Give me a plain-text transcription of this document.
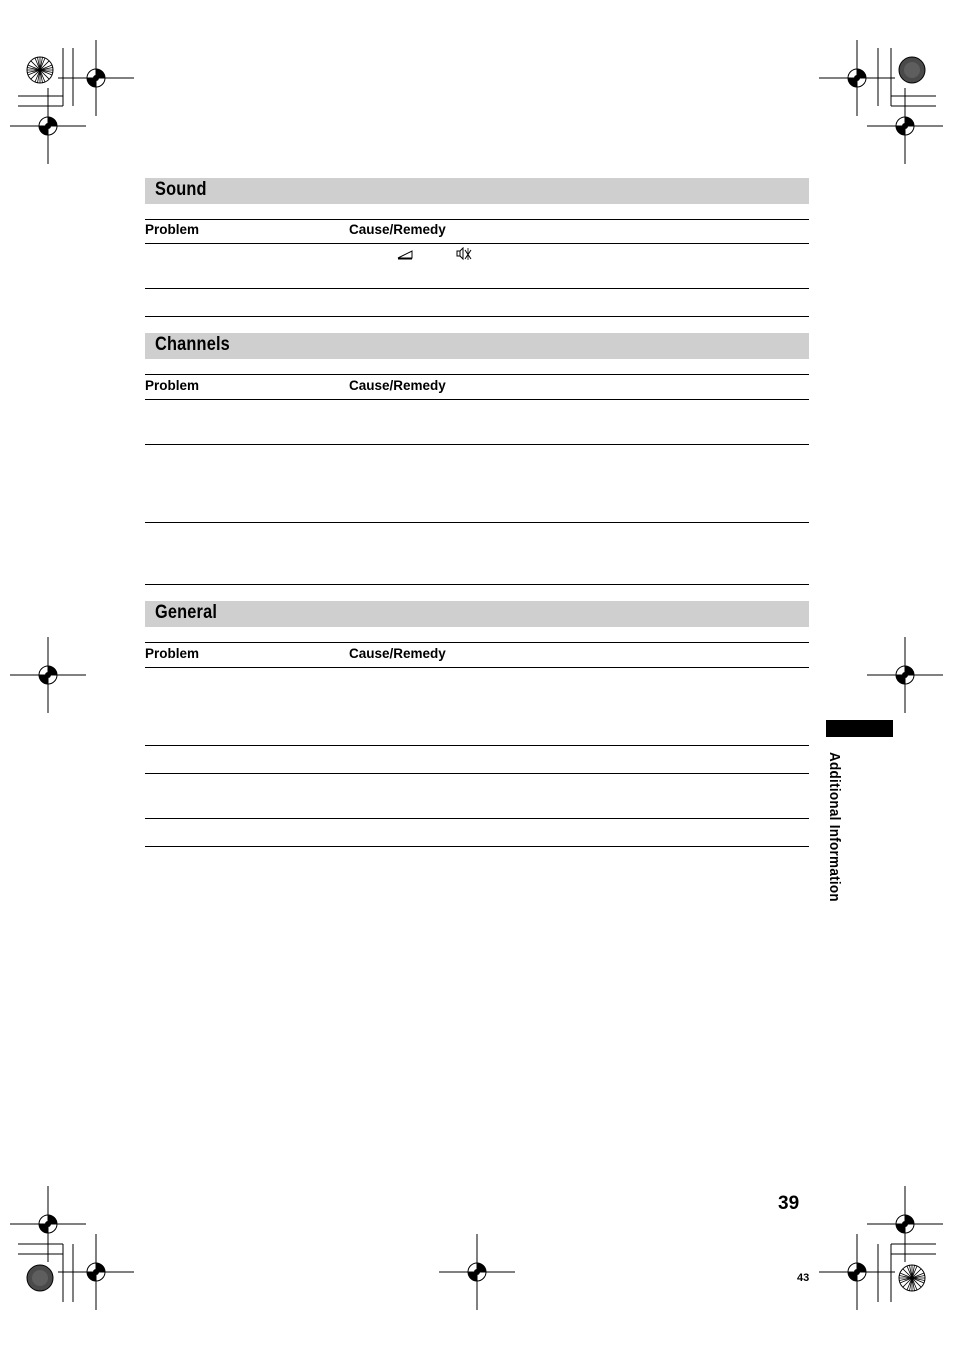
Sound
Problem	Cause/Remedy
Channels
Problem	Cause/Remedy
General
Problem	Cause/Remedy
Additional Information
39
43
